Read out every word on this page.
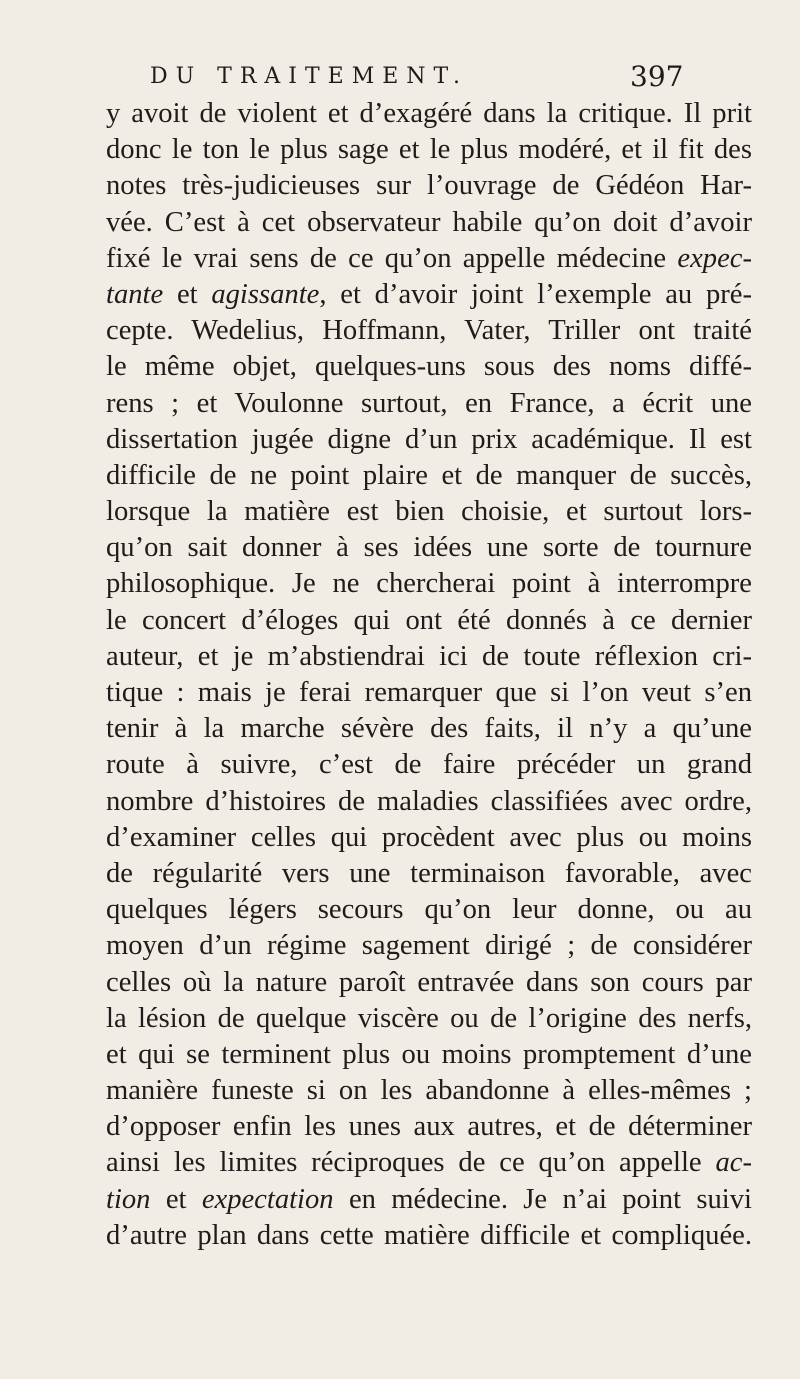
DU TRAITEMENT.	397
y avoit de violent et d’exagéré dans la critique. Il prit
donc le ton le plus sage et le plus modéré, et il fit des
notes très-judicieuses sur l’ouvrage de Gédéon Har-
vée. C’est à cet observateur habile qu’on doit d’avoir
fixé le vrai sens de ce qu’on appelle médecine expec-
tante et agissante, et d’avoir joint l’exemple au pré-
cepte. Wedelius, Hoffmann, Vater, Triller ont traité
le même objet, quelques-uns sous des noms diffé-
rens ; et Voulonne surtout, en France, a écrit une
dissertation jugée digne d’un prix académique. Il est
difficile de ne point plaire et de manquer de succès,
lorsque la matière est bien choisie, et surtout lors-
qu’on sait donner à ses idées une sorte de tournure
philosophique. Je ne chercherai point à interrompre
le concert d’éloges qui ont été donnés à ce dernier
auteur, et je m’abstiendrai ici de toute réflexion cri-
tique : mais je ferai remarquer que si l’on veut s’en
tenir à la marche sévère des faits, il n’y a qu’une
route à suivre, c’est de faire précéder un grand
nombre d’histoires de maladies classifiées avec ordre,
d’examiner celles qui procèdent avec plus ou moins
de régularité vers une terminaison favorable, avec
quelques légers secours qu’on leur donne, ou au
moyen d’un régime sagement dirigé ; de considérer
celles où la nature paroît entravée dans son cours par
la lésion de quelque viscère ou de l’origine des nerfs,
et qui se terminent plus ou moins promptement d’une
manière funeste si on les abandonne à elles-mêmes ;
d’opposer enfin les unes aux autres, et de déterminer
ainsi les limites réciproques de ce qu’on appelle ac-
tion et expectation en médecine. Je n’ai point suivi
d’autre plan dans cette matière difficile et compliquée.
